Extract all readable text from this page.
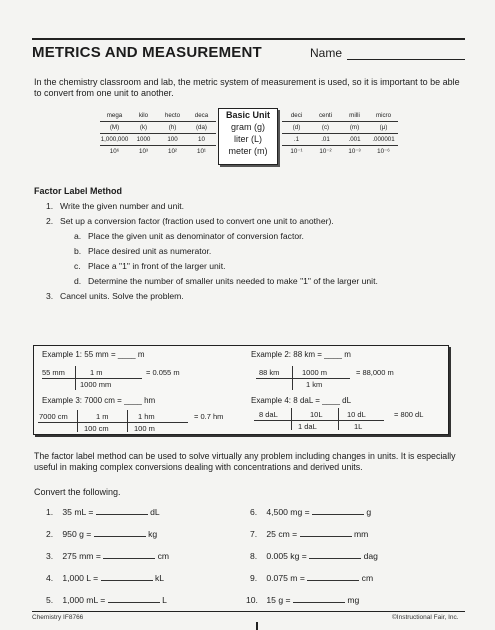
METRICS AND MEASUREMENT	Name
In the chemistry classroom and lab, the metric system of measurement is used, so it is important to be able to convert from one unit to another.
mega	kilo	hecto	deca
(M)	(k)	(h)	(da)
1,000,000	1000	100	10
10⁶	10³	10²	10¹
Basic Unit
gram (g)
liter (L)
meter (m)
deci	centi	milli	micro
(d)	(c)	(m)	(μ)
.1	.01	.001	.000001
10⁻¹	10⁻²	10⁻³	10⁻⁶
Factor Label Method
1. Write the given number and unit.
2. Set up a conversion factor (fraction used to convert one unit to another).
a. Place the given unit as denominator of conversion factor.
b. Place desired unit as numerator.
c. Place a "1" in front of the larger unit.
d. Determine the number of smaller units needed to make "1" of the larger unit.
3. Cancel units. Solve the problem.
Example 1: 55 mm = ____ m
55 mm	1 m
1000 mm
= 0.055 m
Example 2: 88 km = ____ m
88 km	1000 m
1 km
= 88,000 m
Example 3: 7000 cm = ____ hm
7000 cm	1 m
100 cm
1 hm
100 m
= 0.7 hm
Example 4: 8 daL = ____ dL
8 daL	10L
1 daL
10 dL
1L
= 800 dL
The factor label method can be used to solve virtually any problem including changes in units. It is especially useful in making complex conversions dealing with concentrations and derived units.
Convert the following.
1. 35 mL =	dL
2. 950 g =	kg
3. 275 mm =	cm
4. 1,000 L =	kL
5. 1,000 mL =	L
6. 4,500 mg =	g
7. 25 cm =	mm
8. 0.005 kg =	dag
9. 0.075 m =	cm
10. 15 g =	mg
Chemistry IF8766	©Instructional Fair, Inc.
